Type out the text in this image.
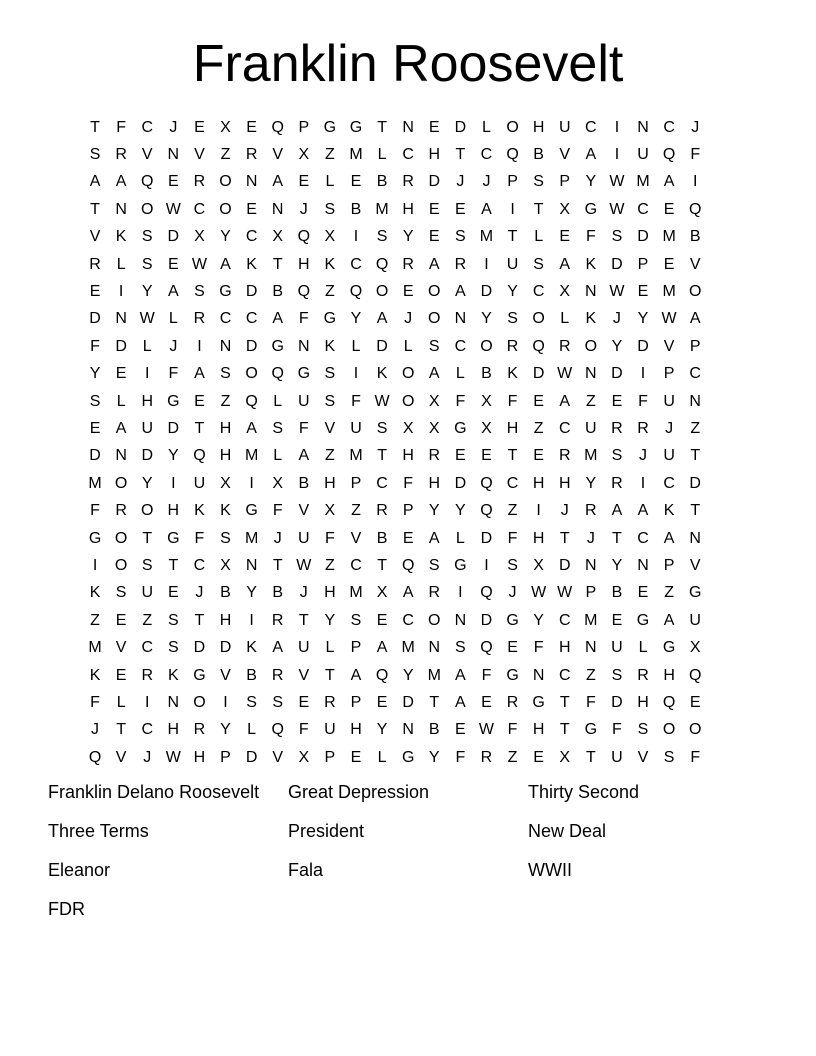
Franklin Roosevelt
T	F C	J	E X E Q P G G T N E D L O H U C	I	N C	J
S R V N V Z R V X Z M L C H T C Q B V A	I	U Q F
A A Q E R O N A E	L	E B R D	J	J	P S P Y W M A	I
T N O W C O E N	J	S B M H E E A	I	T X G W C E Q
V K S D X Y C X Q X	I	S Y E S M T	L	E F S D M B
R L	S E W A K T H K C Q R A R	I	U S A K D P E V
E	I	Y A S G D B Q Z Q O E O A D Y C X N W E M O
D N W L R C C A F G Y A	J O N Y S O L	K	J	Y W A
F D L	J	I	N D G N K	L D L	S C O R Q R O Y D V P
Y E	I	F A S O Q G S	I	K O A	L	B K D W N D	I	P C
S	L H G E Z Q L U S F W O X F X F E A Z E F U N
E A U D T H A S F V U S X X G X H Z C U R R	J	Z
D N D Y Q H M L	A Z M T H R E E T E R M S	J	U T
M O Y	I	U X	I	X B H P C F H D Q C H H Y R	I	C D
F R O H K K G F V X Z R P Y Y Q Z	I	J	R A A K T
G O T G F S M J	U F V B E A	L D F H T	J	T C A N
I	O S T C X N T W Z C T Q S G	I	S X D N Y N P V
K S U E	J	B Y B	J	H M X A R	I	Q J W W P B E Z G
Z E Z S T H	I	R T Y S E C O N D G Y C M E G A U
M V C S D D K A U L	P A M N S Q E F H N U L G X
K E R K G V B R V T A Q Y M A F G N C Z S R H Q
F	L	I	N O	I	S S E R P E D T A E R G T	F D H Q E
J	T C H R Y	L Q F U H Y N B E W F H T G F S O O
Q V	J W H P D V X P E	L G Y F R Z E X T U V S F
Franklin Delano Roosevelt	Great Depression	Thirty Second
Three Terms	President	New Deal
Eleanor	Fala	WWII
FDR
